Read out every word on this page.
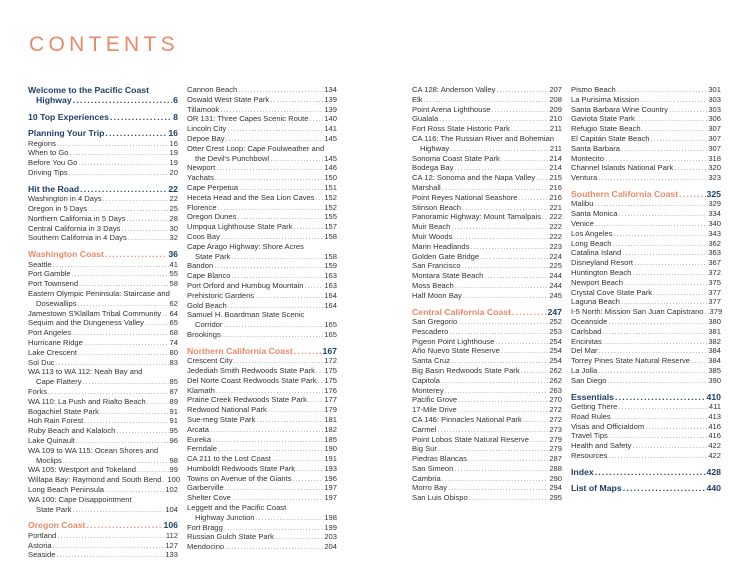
CONTENTS
Welcome to the Pacific Coast
Highway . . .	6
10 Top Experiences . . .	8
Planning Your Trip . . .	16
Regions . . .	16
When to Go . . .	19
Before You Go . . .	19
Driving Tips . . .	20
Hit the Road . . .	22
Washington in 4 Days . . .	22
Oregon in 5 Days . . .	25
Northern California in 5 Days . . .	28
Central California in 3 Days . . .	30
Southern California in 4 Days . . .	32
Washington Coast . . .	36
Seattle . . .	41
Port Gamble . . .	55
Port Townsend . . .	58
Eastern Olympic Peninsula: Staircase and
Dosewallips . . .	62
Jamestown S'Klallam Tribal Community . . . 64
Sequim and the Dungeness Valley . . .	65
Port Angeles . . .	68
Hurricane Ridge . . .	74
Lake Crescent . . .	80
Sol Duc . . .	83
WA 113 to WA 112: Neah Bay and
Cape Flattery . . .	85
Forks . . .	87
WA 110: La Push and Rialto Beach . . .	89
Bogachiel State Park . . .	91
Hoh Rain Forest . . .	91
Ruby Beach and Kalaloch . . .	95
Lake Quinault . . .	96
WA 109 to WA 115: Ocean Shores and
Moclips . . .	98
WA 105: Westport and Tokeland . . .	99
Willapa Bay: Raymond and South Bend . . . 100
Long Beach Peninsula . . .	102
WA 100: Cape Disappointment
State Park . . .	104
Oregon Coast . . .	106
Portland . . .	112
Astoria . . .	127
Seaside . . .	133
Cannon Beach . . .	134
Oswald West State Park . . .	139
Tillamook . . .	139
OR 131: Three Capes Scenic Route . . . 140
Lincoln City . . .	141
Depoe Bay . . .	145
Otter Crest Loop: Cape Foulweather and
the Devil's Punchbowl . . .	145
Newport . . .	146
Yachats . . .	150
Cape Perpetua . . .	151
Heceta Head and the Sea Lion Caves . . . 152
Florence . . .	152
Oregon Dunes . . .	155
Umpqua Lighthouse State Park . . .	157
Coos Bay . . .	158
Cape Arago Highway: Shore Acres
State Park . . .	158
Bandon . . .	159
Cape Blanco . . .	163
Port Orford and Humbug Mountain . . .	163
Prehistoric Gardens . . .	164
Gold Beach . . .	164
Samuel H. Boardman State Scenic
Corridor . . .	165
Brookings . . .	165
Northern California Coast . . .	167
Crescent City . . .	172
Jedediah Smith Redwoods State Park . . . 175
Del Norte Coast Redwoods State Park . . . 175
Klamath . . .	176
Prairie Creek Redwoods State Park . . . 177
Redwood National Park . . .	179
Sue-meg State Park . . .	181
Arcata . . .	182
Eureka . . .	185
Ferndale . . .	190
CA 211 to the Lost Coast . . .	191
Humboldt Redwoods State Park . . .	193
Towns on Avenue of the Giants . . .	196
Garberville . . .	197
Shelter Cove . . .	197
Leggett and the Pacific Coast
Highway Junction . . .	198
Fort Bragg . . .	199
Russian Gulch State Park . . .	203
Mendocino . . .	204
CA 128: Anderson Valley . . .	207
Elk . . .	208
Point Arena Lighthouse . . .	209
Gualala . . .	210
Fort Ross State Historic Park . . .	211
CA 116: The Russian River and Bohemian
Highway . . .	211
Sonoma Coast State Park . . .	214
Bodega Bay . . .	214
CA 12: Sonoma and the Napa Valley . . . 215
Marshall . . .	216
Point Reyes National Seashore . . .	216
Stinson Beach . . .	221
Panoramic Highway: Mount Tamalpais . . . 222
Muir Beach . . .	222
Muir Woods . . .	222
Marin Headlands . . .	223
Golden Gate Bridge . . .	224
San Francisco . . .	225
Montara State Beach . . .	244
Moss Beach . . .	244
Half Moon Bay . . .	245
Central California Coast . . .	247
San Gregorio . . .	252
Pescadero . . .	253
Pigeon Point Lighthouse . . .	254
Año Nuevo State Reserve . . .	254
Santa Cruz . . .	254
Big Basin Redwoods State Park . . .	262
Capitola . . .	262
Monterey . . .	263
Pacific Grove . . .	270
17-Mile Drive . . .	272
CA 146: Pinnacles National Park . . .	272
Carmel . . .	273
Point Lobos State Natural Reserve . . .	279
Big Sur . . .	279
Piedras Blancas . . .	287
San Simeon . . .	288
Cambria . . .	290
Morro Bay . . .	294
San Luis Obispo . . .	295
Pismo Beach . . .	301
La Purisima Mission . . .	303
Santa Barbara Wine Country . . .	303
Gaviota State Park . . .	306
Refugio State Beach . . .	307
El Capitán State Beach . . .	307
Santa Barbara . . .	307
Montecito . . .	318
Channel Islands National Park . . .	320
Ventura . . .	323
Southern California Coast . . .	325
Malibu . . .	329
Santa Monica . . .	334
Venice . . .	340
Los Angeles . . .	343
Long Beach . . .	362
Catalina Island . . .	363
Disneyland Resort . . .	367
Huntington Beach . . .	372
Newport Beach . . .	375
Crystal Cove State Park . . .	377
Laguna Beach . . .	377
I-5 North: Mission San Juan Capistrano . . . 379
Oceanside . . .	380
Carlsbad . . .	381
Encinitas . . .	382
Del Mar . . .	384
Torrey Pines State Natural Reserve . . . 384
La Jolla . . .	385
San Diego . . .	390
Essentials . . .	410
Getting There . . .	411
Road Rules . . .	413
Visas and Officialdom . . .	416
Travel Tips . . .	416
Health and Safety . . .	422
Resources . . .	422
Index . . .	428
List of Maps . . .	440
